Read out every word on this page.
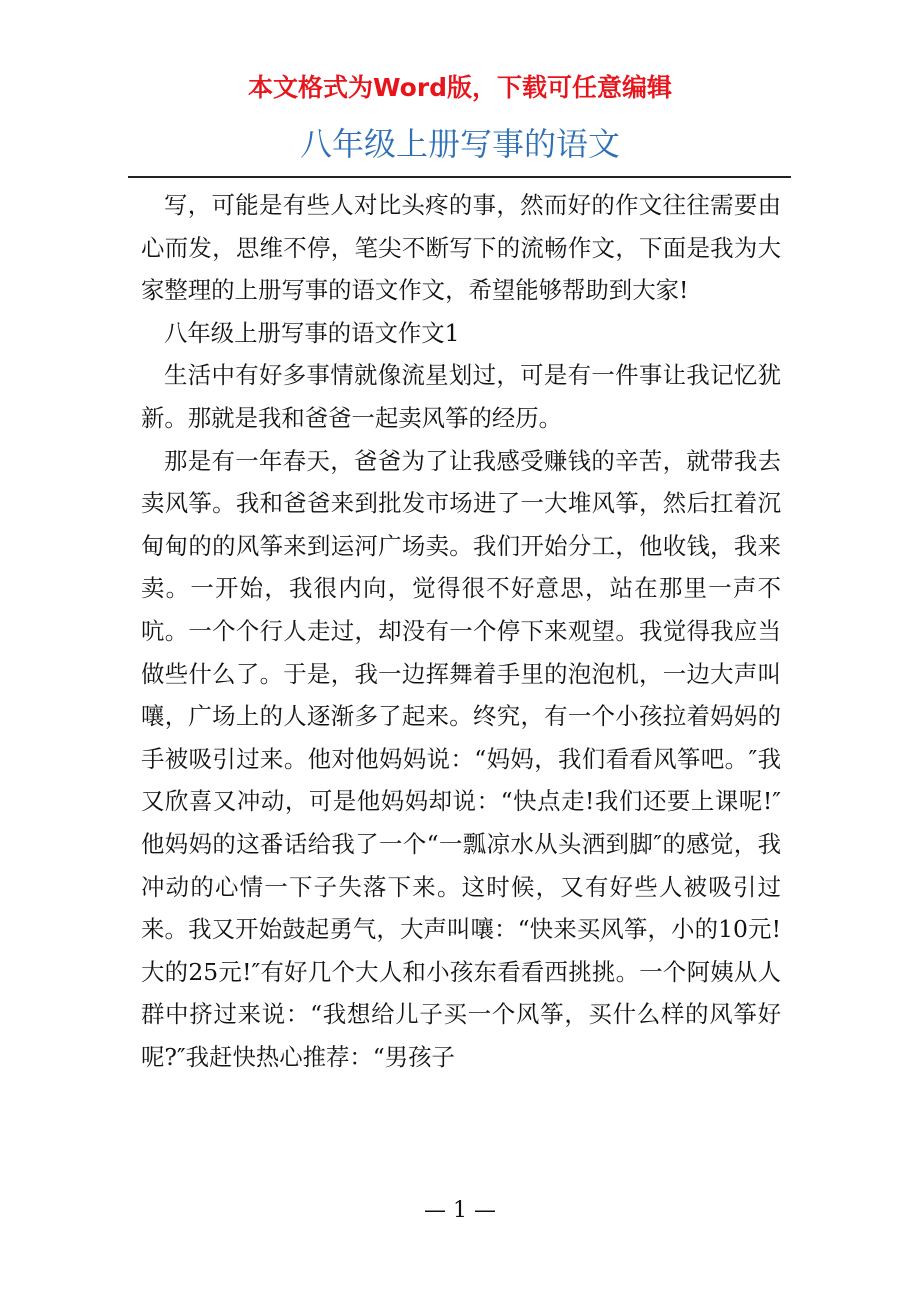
本文格式为Word版，下载可任意编辑
八年级上册写事的语文

写，可能是有些人对比头疼的事，然而好的作文往往需要由心而发，思维不停，笔尖不断写下的流畅作文，下面是我为大家整理的上册写事的语文作文，希望能够帮助到大家!

八年级上册写事的语文作文1

生活中有好多事情就像流星划过，可是有一件事让我记忆犹新。那就是我和爸爸一起卖风筝的经历。

那是有一年春天，爸爸为了让我感受赚钱的辛苦，就带我去卖风筝。我和爸爸来到批发市场进了一大堆风筝，然后扛着沉甸甸的的风筝来到运河广场卖。我们开始分工，他收钱，我来卖。一开始，我很内向，觉得很不好意思，站在那里一声不吭。一个个行人走过，却没有一个停下来观望。我觉得我应当做些什么了。于是，我一边挥舞着手里的泡泡机，一边大声叫嚷，广场上的人逐渐多了起来。终究，有一个小孩拉着妈妈的手被吸引过来。他对他妈妈说：“妈妈，我们看看风筝吧。″我又欣喜又冲动，可是他妈妈却说：“快点走!我们还要上课呢!″他妈妈的这番话给我了一个“一瓢凉水从头洒到脚″的感觉，我冲动的心情一下子失落下来。这时候，又有好些人被吸引过来。我又开始鼓起勇气，大声叫嚷：“快来买风筝，小的10元!大的25元!″有好几个大人和小孩东看看西挑挑。一个阿姨从人群中挤过来说：“我想给儿子买一个风筝，买什么样的风筝好呢?″我赶快热心推荐：“男孩子

— 1 —
